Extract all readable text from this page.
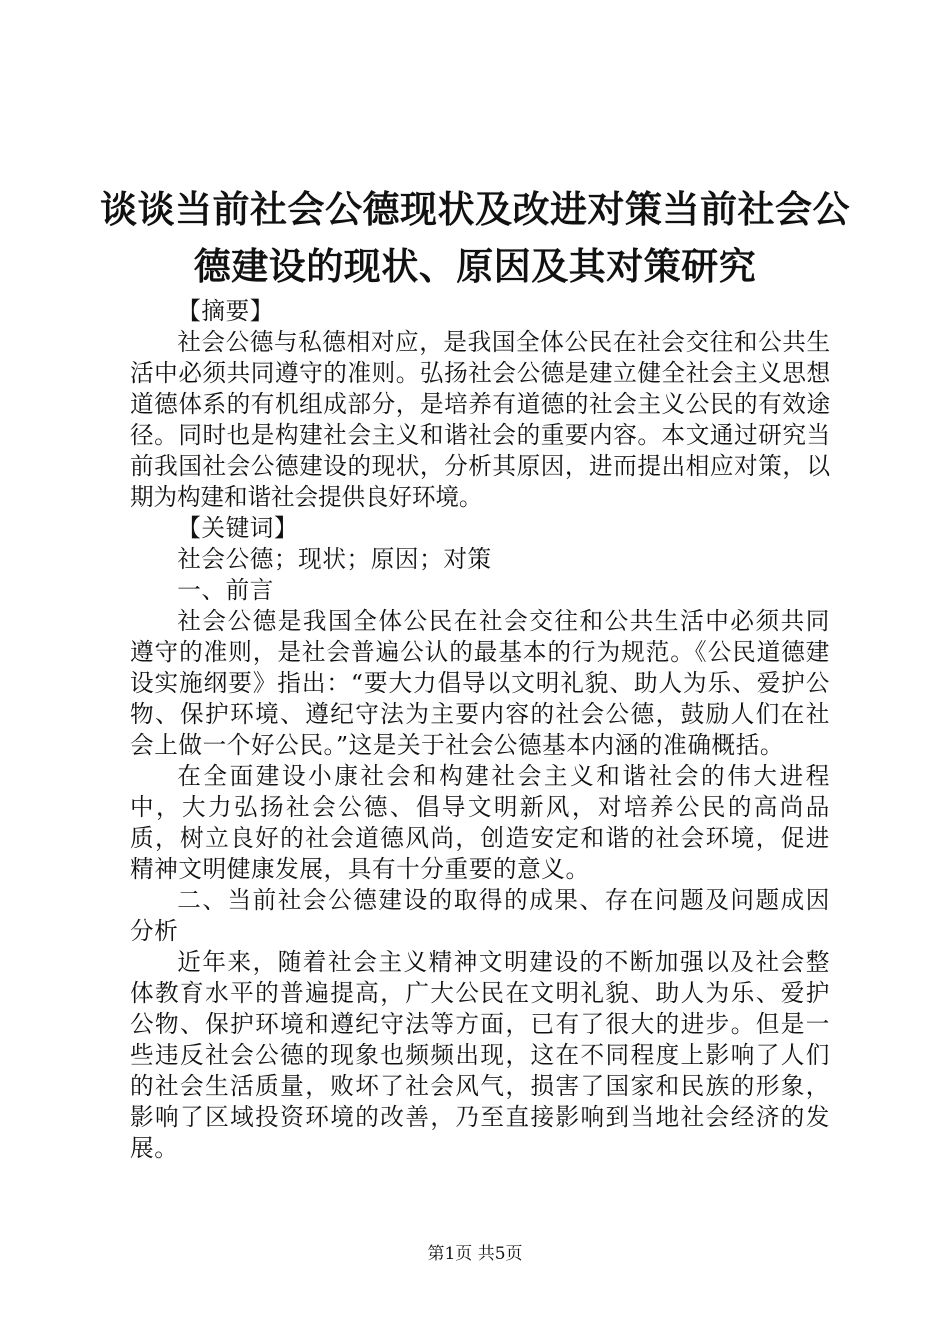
谈谈当前社会公德现状及改进对策当前社会公
德建设的现状、原因及其对策研究

【摘要】

社会公德与私德相对应，是我国全体公民在社会交往和公共生活中必须共同遵守的准则。弘扬社会公德是建立健全社会主义思想道德体系的有机组成部分，是培养有道德的社会主义公民的有效途径。同时也是构建社会主义和谐社会的重要内容。本文通过研究当前我国社会公德建设的现状，分析其原因，进而提出相应对策，以期为构建和谐社会提供良好环境。

【关键词】

社会公德；现状；原因；对策

一、前言

社会公德是我国全体公民在社会交往和公共生活中必须共同遵守的准则，是社会普遍公认的最基本的行为规范。《公民道德建设实施纲要》指出：“要大力倡导以文明礼貌、助人为乐、爱护公物、保护环境、遵纪守法为主要内容的社会公德，鼓励人们在社会上做一个好公民。”这是关于社会公德基本内涵的准确概括。

在全面建设小康社会和构建社会主义和谐社会的伟大进程中，大力弘扬社会公德、倡导文明新风，对培养公民的高尚品质，树立良好的社会道德风尚，创造安定和谐的社会环境，促进精神文明健康发展，具有十分重要的意义。

二、当前社会公德建设的取得的成果、存在问题及问题成因分析

近年来，随着社会主义精神文明建设的不断加强以及社会整体教育水平的普遍提高，广大公民在文明礼貌、助人为乐、爱护公物、保护环境和遵纪守法等方面，已有了很大的进步。但是一些违反社会公德的现象也频频出现，这在不同程度上影响了人们的社会生活质量，败坏了社会风气，损害了国家和民族的形象，影响了区域投资环境的改善，乃至直接影响到当地社会经济的发展。

第1页 共5页
